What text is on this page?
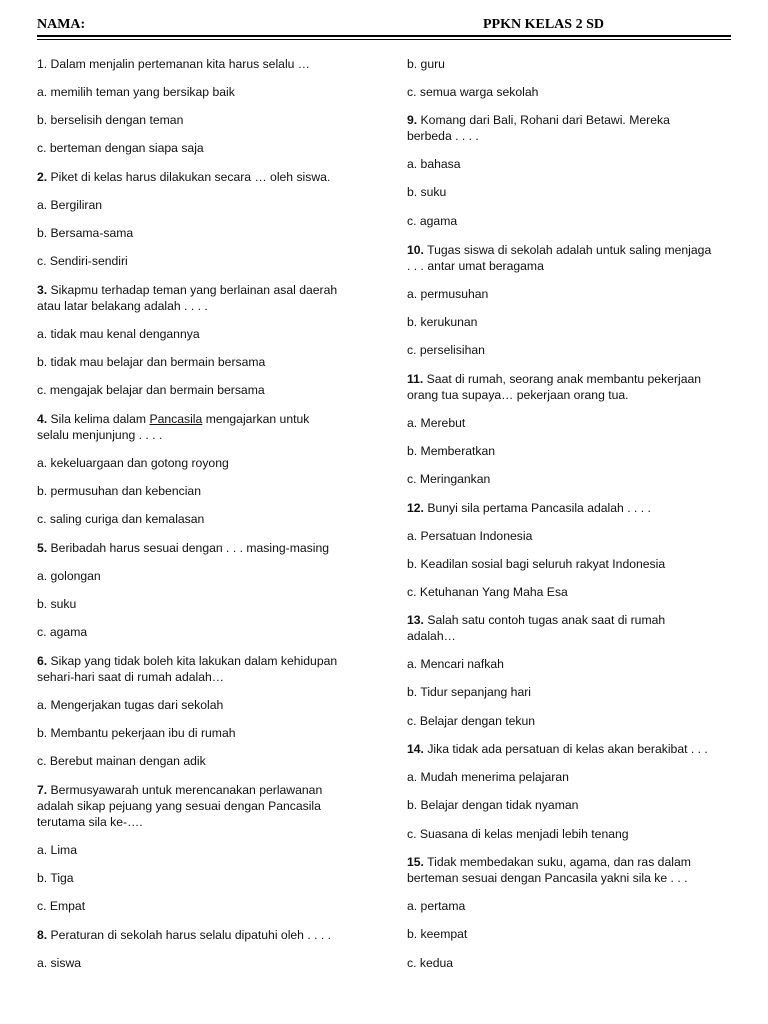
NAMA:	PPKN KELAS 2 SD
1. Dalam menjalin pertemanan kita harus selalu …
a. memilih teman yang bersikap baik
b. berselisih dengan teman
c. berteman dengan siapa saja
2. Piket di kelas harus dilakukan secara … oleh siswa.
a. Bergiliran
b. Bersama-sama
c. Sendiri-sendiri
3. Sikapmu terhadap teman yang berlainan asal daerah
atau latar belakang adalah . . . .
a. tidak mau kenal dengannya
b. tidak mau belajar dan bermain bersama
c. mengajak belajar dan bermain bersama
4. Sila kelima dalam Pancasila mengajarkan untuk
selalu menjunjung . . . .
a. kekeluargaan dan gotong royong
b. permusuhan dan kebencian
c. saling curiga dan kemalasan
5. Beribadah harus sesuai dengan . . . masing-masing
a. golongan
b. suku
c. agama
6. Sikap yang tidak boleh kita lakukan dalam kehidupan
sehari-hari saat di rumah adalah…
a. Mengerjakan tugas dari sekolah
b. Membantu pekerjaan ibu di rumah
c. Berebut mainan dengan adik
7. Bermusyawarah untuk merencanakan perlawanan
adalah sikap pejuang yang sesuai dengan Pancasila
terutama sila ke-….
a. Lima
b. Tiga
c. Empat
8. Peraturan di sekolah harus selalu dipatuhi oleh . . . .
a. siswa
b. guru
c. semua warga sekolah
9. Komang dari Bali, Rohani dari Betawi. Mereka
berbeda . . . .
a. bahasa
b. suku
c. agama
10. Tugas siswa di sekolah adalah untuk saling menjaga
. . . antar umat beragama
a. permusuhan
b. kerukunan
c. perselisihan
11. Saat di rumah, seorang anak membantu pekerjaan
orang tua supaya… pekerjaan orang tua.
a. Merebut
b. Memberatkan
c. Meringankan
12. Bunyi sila pertama Pancasila adalah . . . .
a. Persatuan Indonesia
b. Keadilan sosial bagi seluruh rakyat Indonesia
c. Ketuhanan Yang Maha Esa
13. Salah satu contoh tugas anak saat di rumah
adalah…
a. Mencari nafkah
b. Tidur sepanjang hari
c. Belajar dengan tekun
14. Jika tidak ada persatuan di kelas akan berakibat . . .
a. Mudah menerima pelajaran
b. Belajar dengan tidak nyaman
c. Suasana di kelas menjadi lebih tenang
15. Tidak membedakan suku, agama, dan ras dalam
berteman sesuai dengan Pancasila yakni sila ke . . .
a. pertama
b. keempat
c. kedua
